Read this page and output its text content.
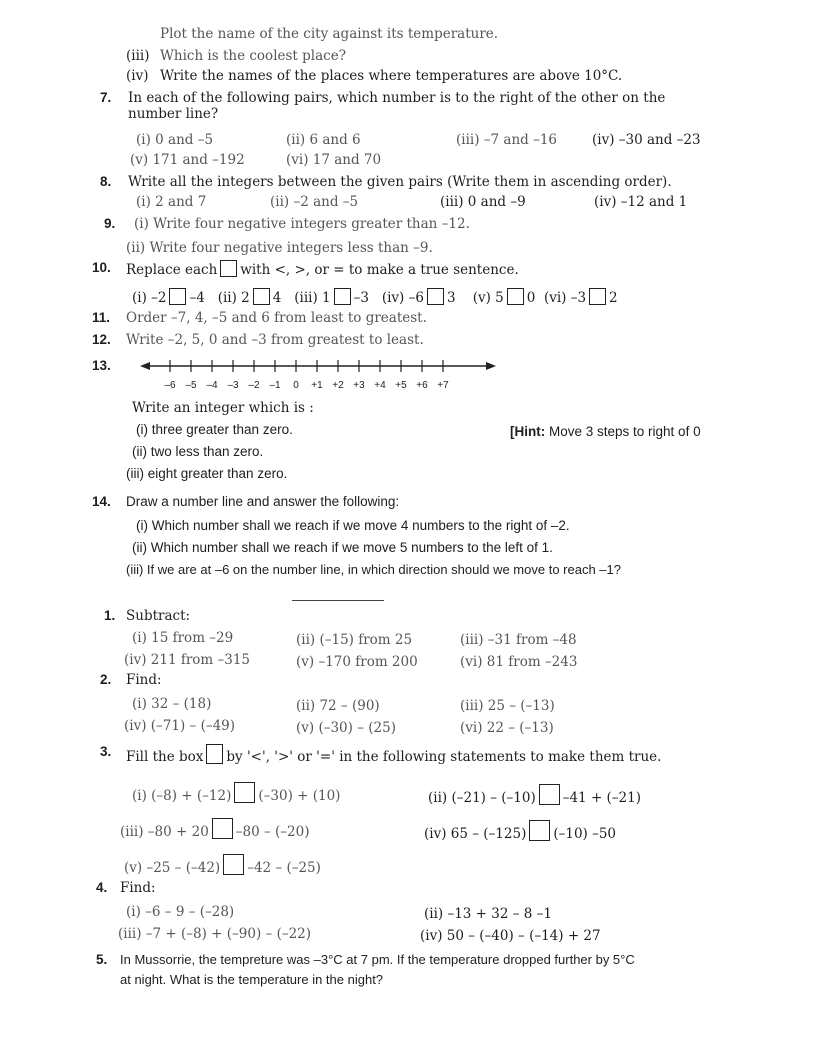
Plot the name of the city against its temperature.
(iii) Which is the coolest place?
(iv) Write the names of the places where temperatures are above 10°C.
7. In each of the following pairs, which number is to the right of the other on the number line?
(i) 0 and –5	(ii) 6 and 6	(iii) –7 and –16	(iv) –30 and –23
(v) 171 and –192	(vi) 17 and 70
8. Write all the integers between the given pairs (Write them in ascending order).
(i) 2 and 7	(ii) –2 and –5	(iii) 0 and –9	(iv) –12 and 1
9. (i) Write four negative integers greater than –12.
(ii) Write four negative integers less than –9.
10. Replace each with <, >, or = to make a true sentence.
(i) –2 –4 (ii) 2 4 (iii) 1 –3 (iv) –6 3 (v) 5 0 (vi) –3 2
11. Order –7, 4, –5 and 6 from least to greatest.
12. Write –2, 5, 0 and –3 from greatest to least.
13.
–6 –5 –4 –3 –2 –1 0 +1 +2 +3 +4 +5 +6 +7
Write an integer which is :
(i) three greater than zero.	[Hint: Move 3 steps to right of 0
(ii) two less than zero.
(iii) eight greater than zero.
14. Draw a number line and answer the following:
(i) Which number shall we reach if we move 4 numbers to the right of –2.
(ii) Which number shall we reach if we move 5 numbers to the left of 1.
(iii) If we are at –6 on the number line, in which direction should we move to reach –1?
1. Subtract:
(i) 15 from –29	(ii) (–15) from 25	(iii) –31 from –48
(iv) 211 from –315	(v) –170 from 200	(vi) 81 from –243
2. Find:
(i) 32 – (18)	(ii) 72 – (90)	(iii) 25 – (–13)
(iv) (–71) – (–49)	(v) (–30) – (25)	(vi) 22 – (–13)
3. Fill the box by '<', '>' or '=' in the following statements to make them true.
(i) (–8) + (–12) (–30) + (10)	(ii) (–21) – (–10) –41 + (–21)
(iii) –80 + 20 –80 – (–20)	(iv) 65 – (–125) (–10) –50
(v) –25 – (–42) –42 – (–25)
4. Find:
(i) –6 – 9 – (–28)	(ii) –13 + 32 – 8 –1
(iii) –7 + (–8) + (–90) – (–22)	(iv) 50 – (–40) – (–14) + 27
5. In Mussorrie, the tempreture was –3°C at 7 pm. If the temperature dropped further by 5°C
at night. What is the temperature in the night?
